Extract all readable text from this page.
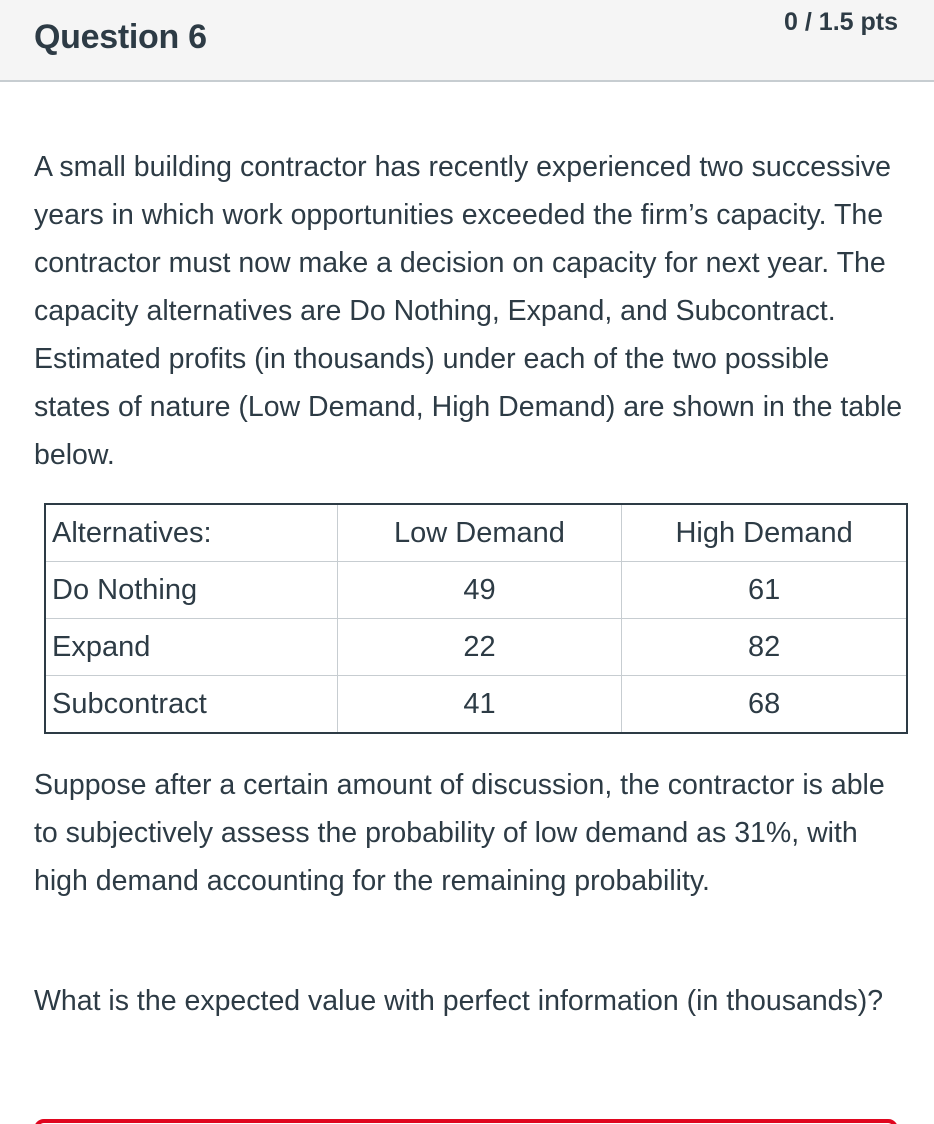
Question 6	0 / 1.5 pts

A small building contractor has recently experienced two successive years in which work opportunities exceeded the firm’s capacity. The contractor must now make a decision on capacity for next year. The capacity alternatives are Do Nothing, Expand, and Subcontract. Estimated profits (in thousands) under each of the two possible states of nature (Low Demand, High Demand) are shown in the table below.

Alternatives:	Low Demand	High Demand
Do Nothing	49	61
Expand	22	82
Subcontract	41	68

Suppose after a certain amount of discussion, the contractor is able to subjectively assess the probability of low demand as 31%, with high demand accounting for the remaining probability.

What is the expected value with perfect information (in thousands)?
